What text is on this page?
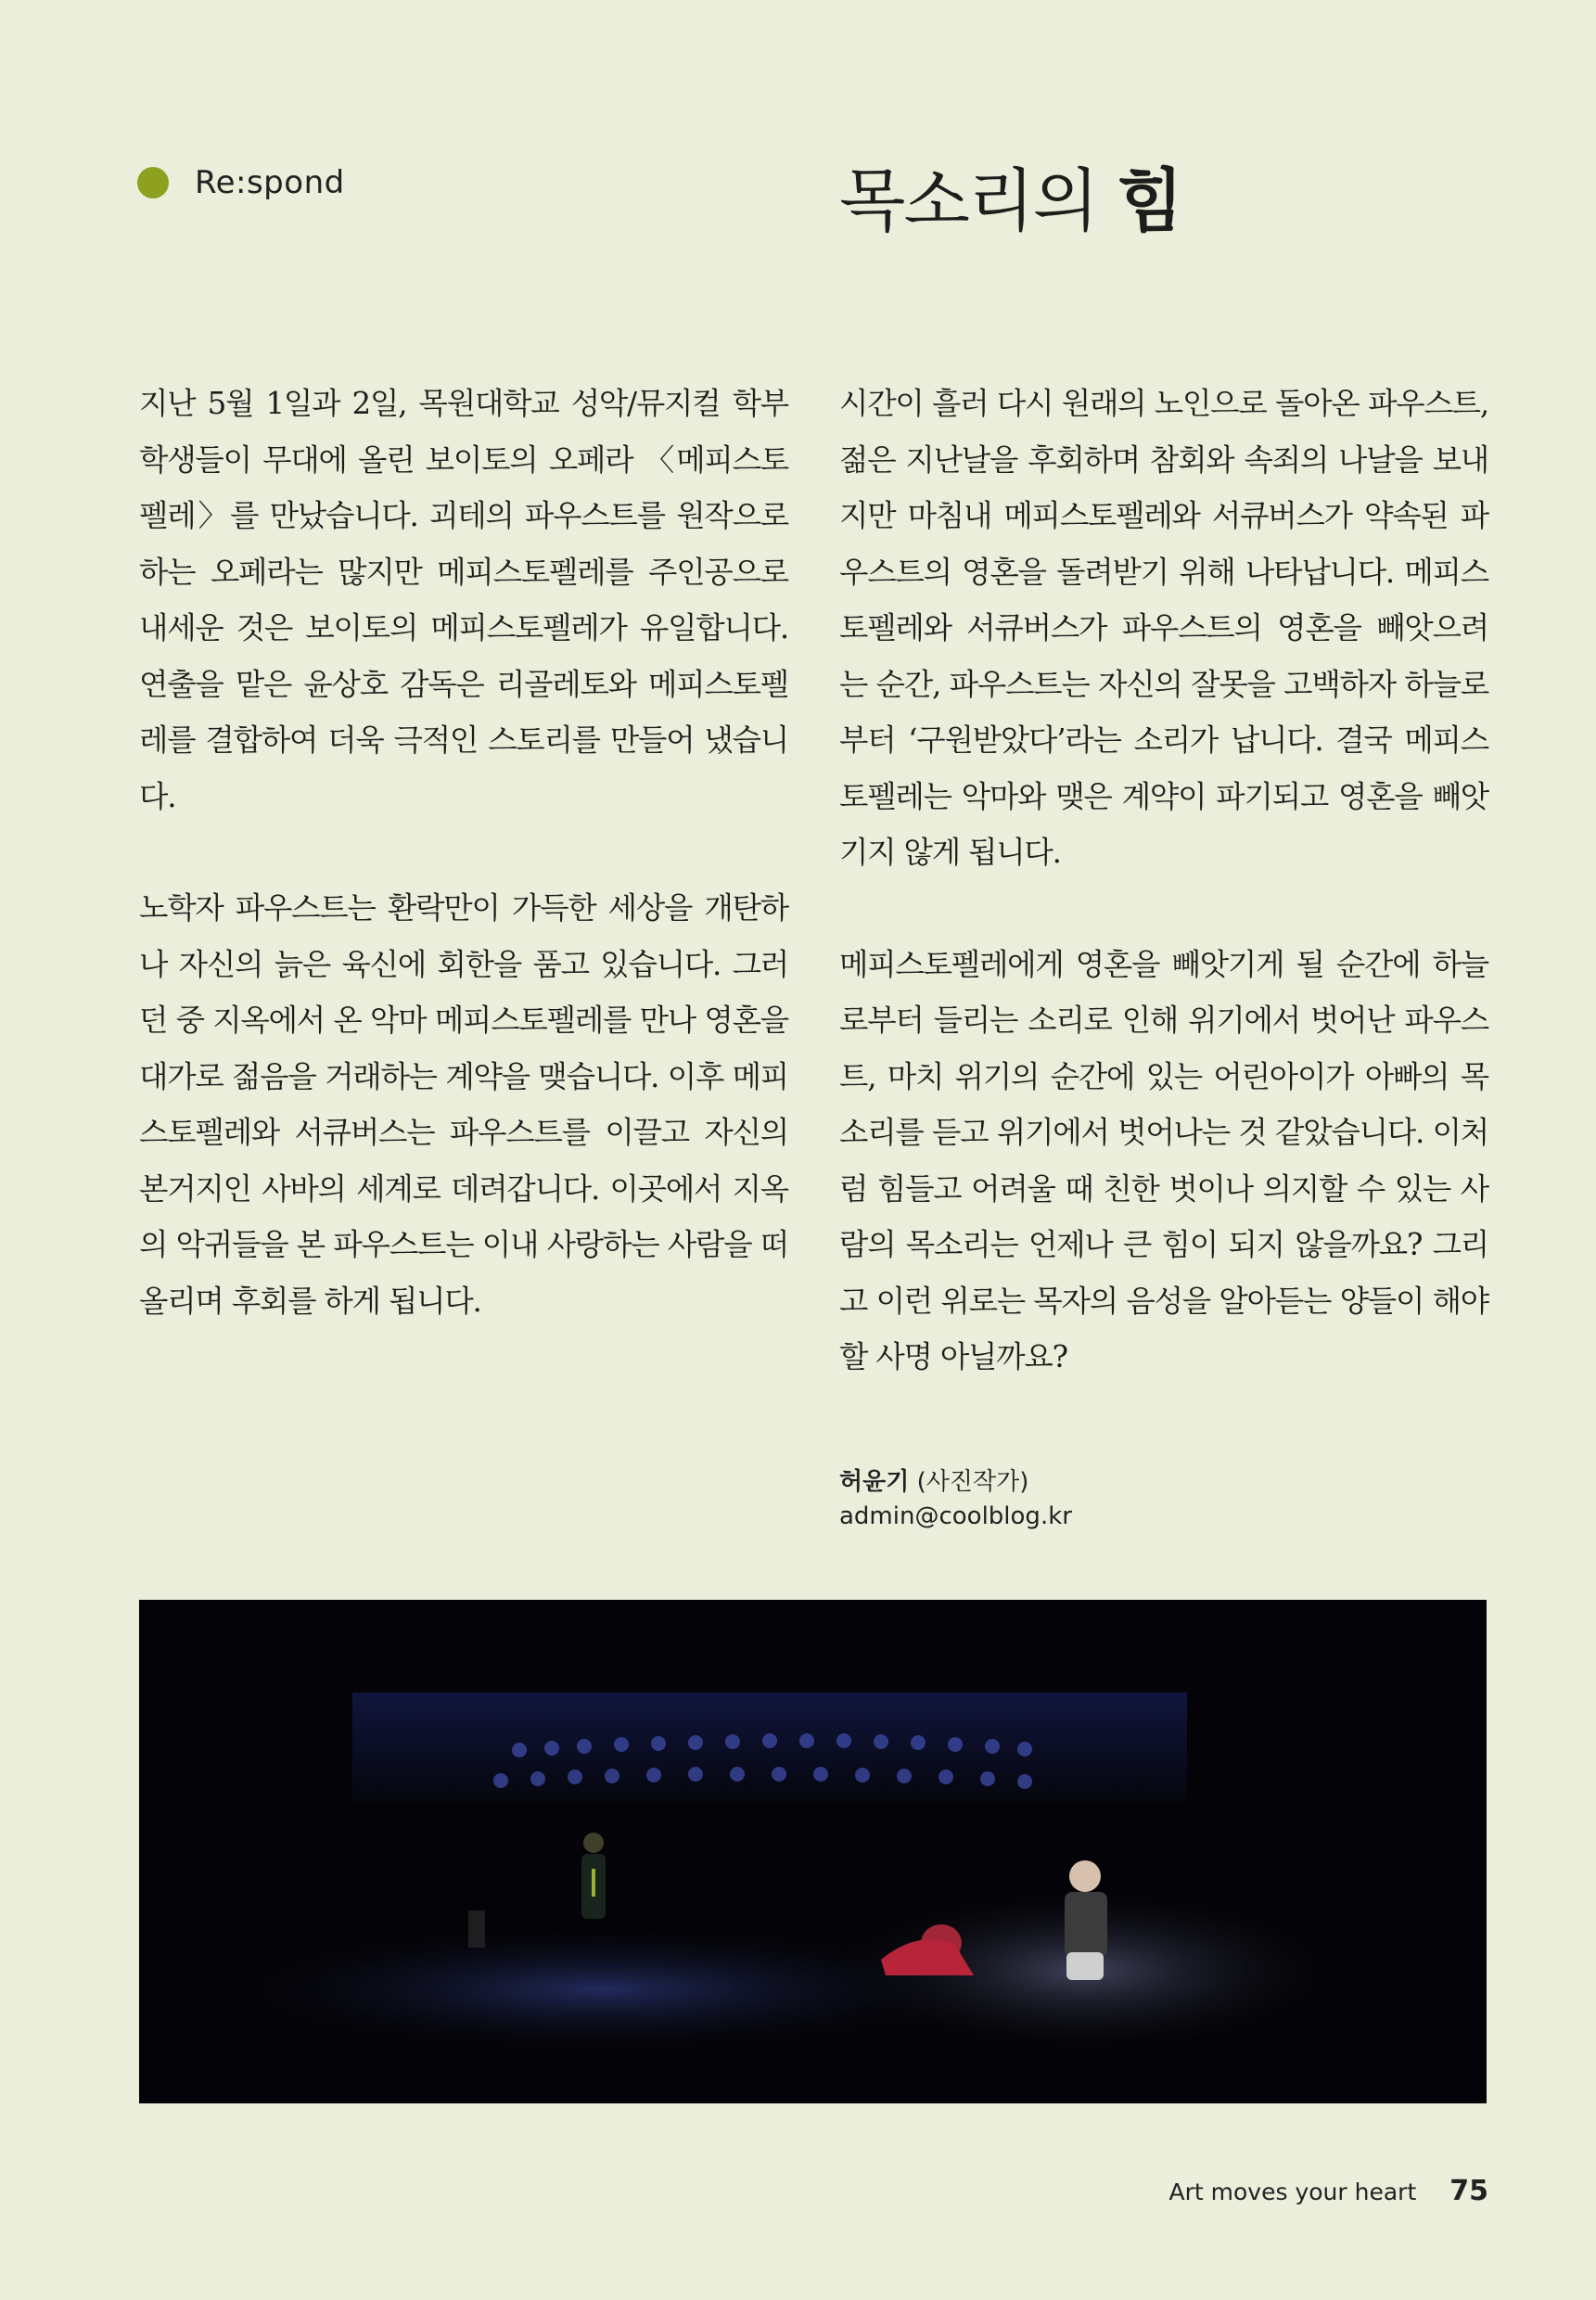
Re:spond	목소리의 힘

지난 5월 1일과 2일, 목원대학교 성악/뮤지컬 학부 학생들이 무대에 올린 보이토의 오페라 〈메피스토펠레〉를 만났습니다. 괴테의 파우스트를 원작으로 하는 오페라는 많지만 메피스토펠레를 주인공으로 내세운 것은 보이토의 메피스토펠레가 유일합니다. 연출을 맡은 윤상호 감독은 리골레토와 메피스토펠레를 결합하여 더욱 극적인 스토리를 만들어 냈습니다.

노학자 파우스트는 환락만이 가득한 세상을 개탄하나 자신의 늙은 육신에 회한을 품고 있습니다. 그러던 중 지옥에서 온 악마 메피스토펠레를 만나 영혼을 대가로 젊음을 거래하는 계약을 맺습니다. 이후 메피스토펠레와 서큐버스는 파우스트를 이끌고 자신의 본거지인 사바의 세계로 데려갑니다. 이곳에서 지옥의 악귀들을 본 파우스트는 이내 사랑하는 사람을 떠올리며 후회를 하게 됩니다.

시간이 흘러 다시 원래의 노인으로 돌아온 파우스트, 젊은 지난날을 후회하며 참회와 속죄의 나날을 보내지만 마침내 메피스토펠레와 서큐버스가 약속된 파우스트의 영혼을 돌려받기 위해 나타납니다. 메피스토펠레와 서큐버스가 파우스트의 영혼을 빼앗으려는 순간, 파우스트는 자신의 잘못을 고백하자 하늘로부터 ‘구원받았다’라는 소리가 납니다. 결국 메피스토펠레는 악마와 맺은 계약이 파기되고 영혼을 빼앗기지 않게 됩니다.

메피스토펠레에게 영혼을 빼앗기게 될 순간에 하늘로부터 들리는 소리로 인해 위기에서 벗어난 파우스트, 마치 위기의 순간에 있는 어린아이가 아빠의 목소리를 듣고 위기에서 벗어나는 것 같았습니다. 이처럼 힘들고 어려울 때 친한 벗이나 의지할 수 있는 사람의 목소리는 언제나 큰 힘이 되지 않을까요? 그리고 이런 위로는 목자의 음성을 알아듣는 양들이 해야 할 사명 아닐까요?

허윤기 (사진작가)
admin@coolblog.kr
Art moves your heart 75
